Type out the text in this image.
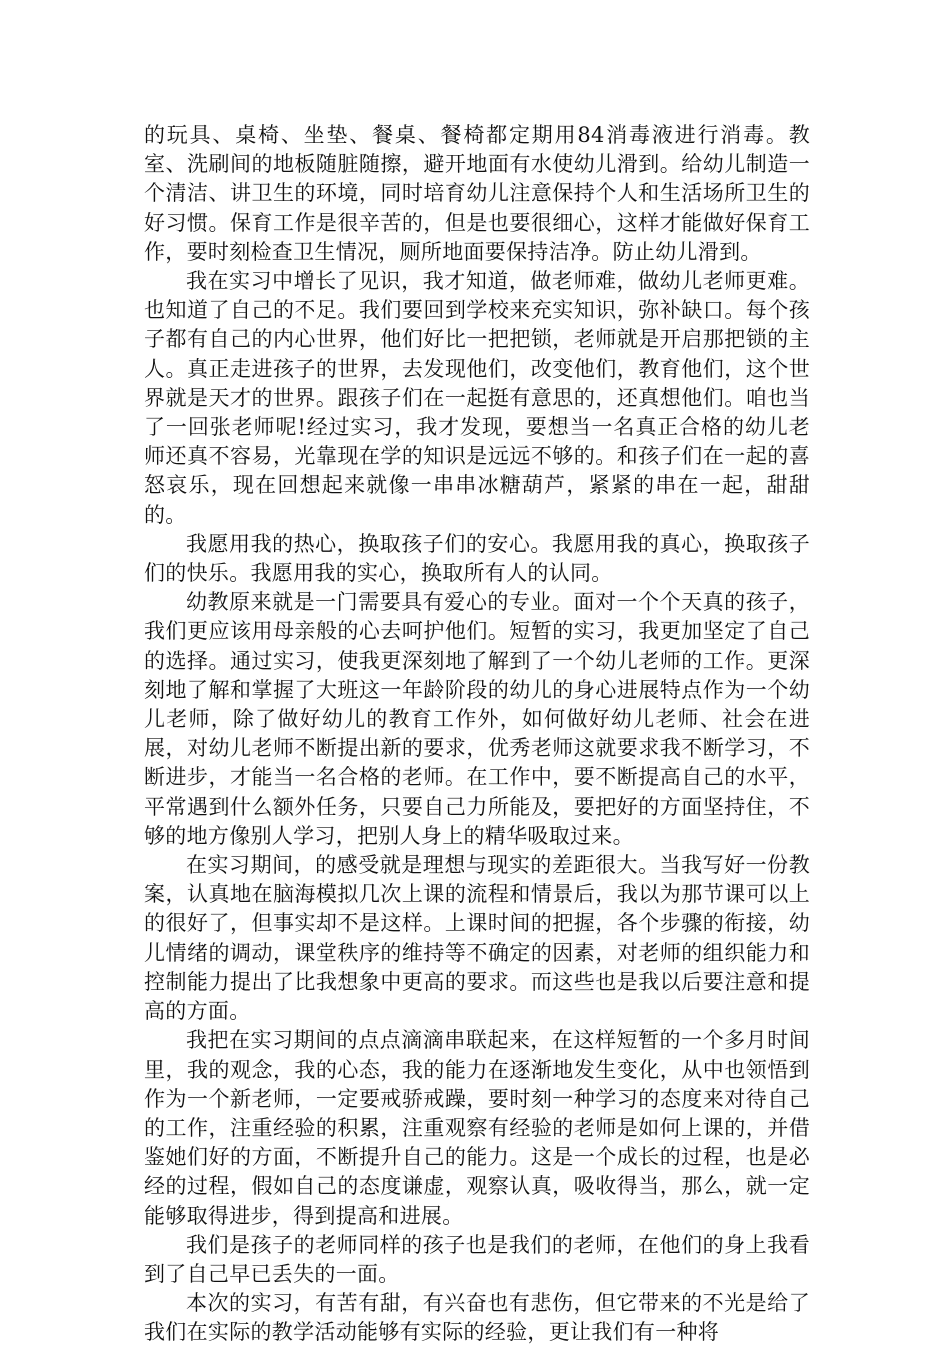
的玩具、桌椅、坐垫、餐桌、餐椅都定期用84消毒液进行消毒。教室、洗刷间的地板随脏随擦，避开地面有水使幼儿滑到。给幼儿制造一个清洁、讲卫生的环境，同时培育幼儿注意保持个人和生活场所卫生的好习惯。保育工作是很辛苦的，但是也要很细心，这样才能做好保育工作，要时刻检查卫生情况，厕所地面要保持洁净。防止幼儿滑到。

我在实习中增长了见识，我才知道，做老师难，做幼儿老师更难。也知道了自己的不足。我们要回到学校来充实知识，弥补缺口。每个孩子都有自己的内心世界，他们好比一把把锁，老师就是开启那把锁的主人。真正走进孩子的世界，去发现他们，改变他们，教育他们，这个世界就是天才的世界。跟孩子们在一起挺有意思的，还真想他们。咱也当了一回张老师呢!经过实习，我才发现，要想当一名真正合格的幼儿老师还真不容易，光靠现在学的知识是远远不够的。和孩子们在一起的喜怒哀乐，现在回想起来就像一串串冰糖葫芦，紧紧的串在一起，甜甜的。

我愿用我的热心，换取孩子们的安心。我愿用我的真心，换取孩子们的快乐。我愿用我的实心，换取所有人的认同。

幼教原来就是一门需要具有爱心的专业。面对一个个天真的孩子，我们更应该用母亲般的心去呵护他们。短暂的实习，我更加坚定了自己的选择。通过实习，使我更深刻地了解到了一个幼儿老师的工作。更深刻地了解和掌握了大班这一年龄阶段的幼儿的身心进展特点作为一个幼儿老师，除了做好幼儿的教育工作外，如何做好幼儿老师、社会在进展，对幼儿老师不断提出新的要求，优秀老师这就要求我不断学习，不断进步，才能当一名合格的老师。在工作中，要不断提高自己的水平，平常遇到什么额外任务，只要自己力所能及，要把好的方面坚持住，不够的地方像别人学习，把别人身上的精华吸取过来。

在实习期间，的感受就是理想与现实的差距很大。当我写好一份教案，认真地在脑海模拟几次上课的流程和情景后，我以为那节课可以上的很好了，但事实却不是这样。上课时间的把握，各个步骤的衔接，幼儿情绪的调动，课堂秩序的维持等不确定的因素，对老师的组织能力和控制能力提出了比我想象中更高的要求。而这些也是我以后要注意和提高的方面。

我把在实习期间的点点滴滴串联起来，在这样短暂的一个多月时间里，我的观念，我的心态，我的能力在逐渐地发生变化，从中也领悟到作为一个新老师，一定要戒骄戒躁，要时刻一种学习的态度来对待自己的工作，注重经验的积累，注重观察有经验的老师是如何上课的，并借鉴她们好的方面，不断提升自己的能力。这是一个成长的过程，也是必经的过程，假如自己的态度谦虚，观察认真，吸收得当，那么，就一定能够取得进步，得到提高和进展。

我们是孩子的老师同样的孩子也是我们的老师，在他们的身上我看到了自己早已丢失的一面。

本次的实习，有苦有甜，有兴奋也有悲伤，但它带来的不光是给了我们在实际的教学活动能够有实际的经验，更让我们有一种将
